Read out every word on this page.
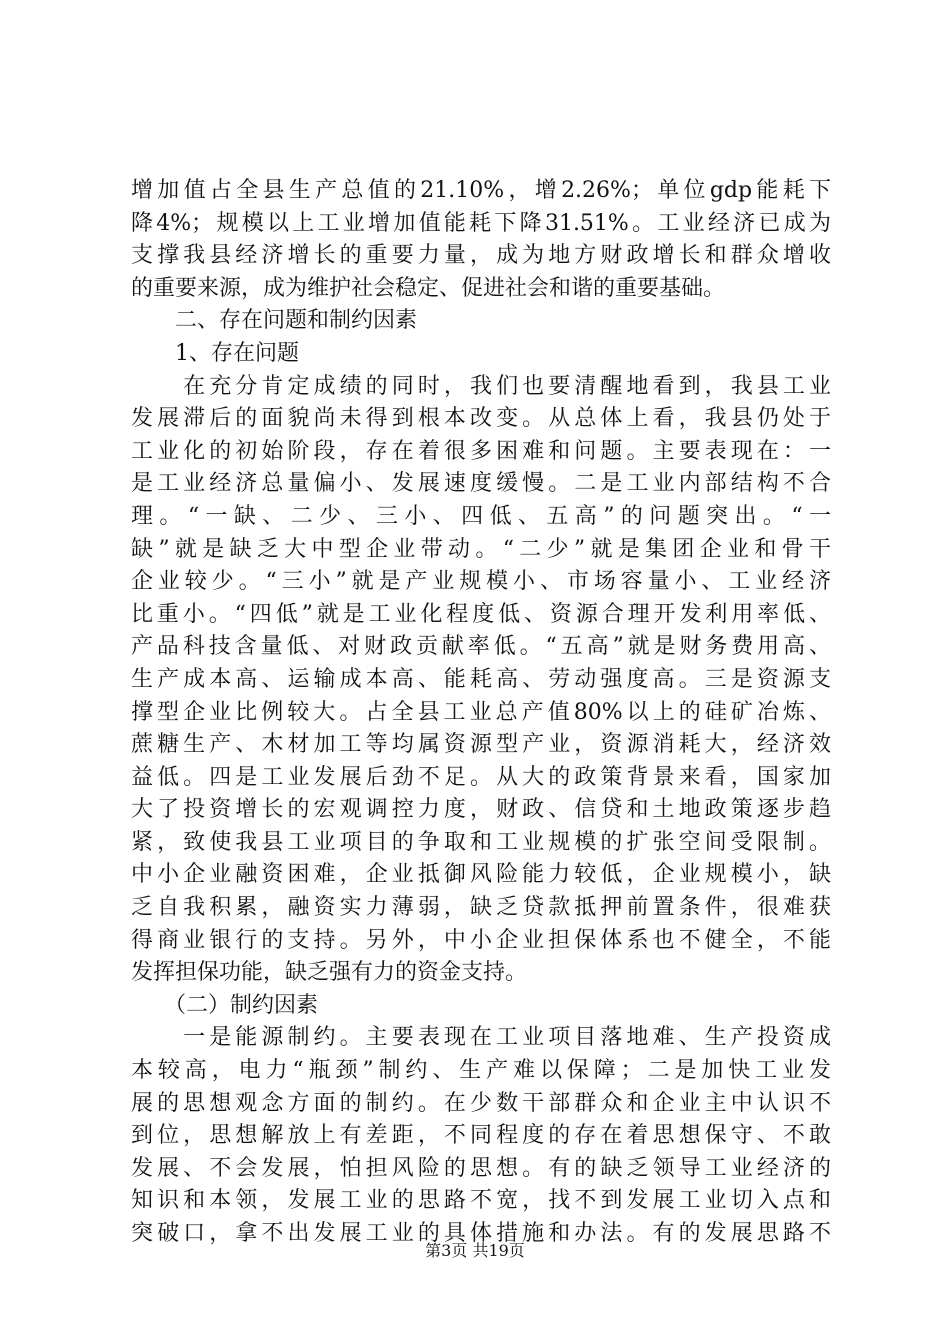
增加值占全县生产总值的21.10%，增2.26%；单位gdp能耗下
降4%；规模以上工业增加值能耗下降31.51%。工业经济已成为
支撑我县经济增长的重要力量，成为地方财政增长和群众增收
的重要来源，成为维护社会稳定、促进社会和谐的重要基础。
　　二、存在问题和制约因素
　　1、存在问题
　　在充分肯定成绩的同时，我们也要清醒地看到，我县工业
发展滞后的面貌尚未得到根本改变。从总体上看，我县仍处于
工业化的初始阶段，存在着很多困难和问题。主要表现在：一
是工业经济总量偏小、发展速度缓慢。二是工业内部结构不合
理。“一缺、二少、三小、四低、五高”的问题突出。“一
缺”就是缺乏大中型企业带动。“二少”就是集团企业和骨干
企业较少。“三小”就是产业规模小、市场容量小、工业经济
比重小。“四低”就是工业化程度低、资源合理开发利用率低、
产品科技含量低、对财政贡献率低。“五高”就是财务费用高、
生产成本高、运输成本高、能耗高、劳动强度高。三是资源支
撑型企业比例较大。占全县工业总产值80%以上的硅矿冶炼、
蔗糖生产、木材加工等均属资源型产业，资源消耗大，经济效
益低。四是工业发展后劲不足。从大的政策背景来看，国家加
大了投资增长的宏观调控力度，财政、信贷和土地政策逐步趋
紧，致使我县工业项目的争取和工业规模的扩张空间受限制。
中小企业融资困难，企业抵御风险能力较低，企业规模小，缺
乏自我积累，融资实力薄弱，缺乏贷款抵押前置条件，很难获
得商业银行的支持。另外，中小企业担保体系也不健全，不能
发挥担保功能，缺乏强有力的资金支持。
　　（二）制约因素
　　一是能源制约。主要表现在工业项目落地难、生产投资成
本较高，电力“瓶颈”制约、生产难以保障；二是加快工业发
展的思想观念方面的制约。在少数干部群众和企业主中认识不
到位，思想解放上有差距，不同程度的存在着思想保守、不敢
发展、不会发展，怕担风险的思想。有的缺乏领导工业经济的
知识和本领，发展工业的思路不宽，找不到发展工业切入点和
突破口，拿不出发展工业的具体措施和办法。有的发展思路不
第3页 共19页
